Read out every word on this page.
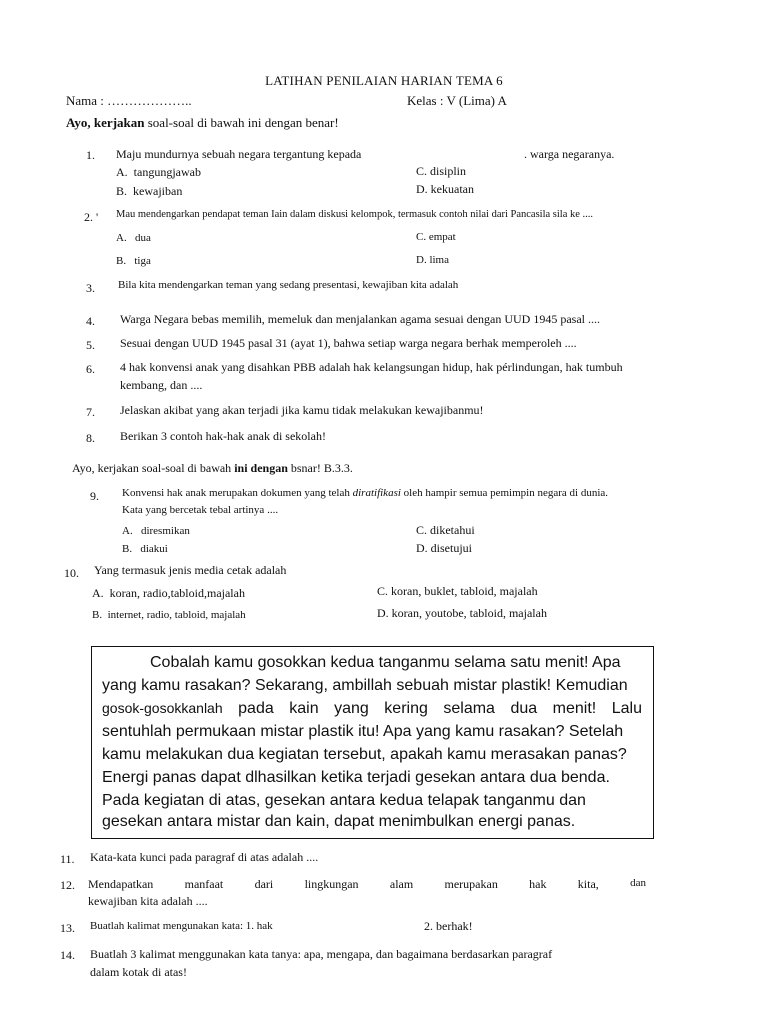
LATIHAN PENILAIAN HARIAN TEMA 6
Nama : ………………..	Kelas : V (Lima) A
Ayo, kerjakan soal-soal di bawah ini dengan benar!
1. Maju mundurnya sebuah negara tergantung kepada	. warga negaranya.
A. tangungjawab
B. kewajiban
C. disiplin
D. kekuatan
2. ' Mau mendengarkan pendapat teman Iain dalam diskusi kelompok, termasuk contoh nilai dari Pancasila sila ke ....
A. dua
B. tiga
C. empat
D. lima
3. Bila kita mendengarkan teman yang sedang presentasi, kewajiban kita adalah
4. Warga Negara bebas memilih, memeluk dan menjalankan agama sesuai dengan UUD 1945 pasal ....
5. Sesuai dengan UUD 1945 pasal 31 (ayat 1), bahwa setiap warga negara berhak memperoleh ....
6. 4 hak konvensi anak yang disahkan PBB adalah hak kelangsungan hidup, hak pérlindungan, hak tumbuh
kembang, dan ....
7. Jelaskan akibat yang akan terjadi jika kamu tidak melakukan kewajibanmu!
8. Berikan 3 contoh hak-hak anak di sekolah!
Ayo, kerjakan soal-soal di bawah ini dengan bsnar! B.3.3.
9. Konvensi hak anak merupakan dokumen yang telah diratifikasi oleh hampir semua pemimpin negara di dunia.
Kata yang bercetak tebal artinya ....
A. diresmikan
B. diakui
C. diketahui
D. disetujui
10. Yang termasuk jenis media cetak adalah
A. koran, radio,tabloid,majalah
B. internet, radio, tabloid, majalah
C. koran, buklet, tabloid, majalah
D. koran, youtobe, tabloid, majalah
Cobalah kamu gosokkan kedua tanganmu selama satu menit! Apa
yang kamu rasakan? Sekarang, ambillah sebuah mistar plastik! Kemudian
gosok-gosokkanlah pada kain yang kering selama dua menit! Lalu
sentuhlah permukaan mistar plastik itu! Apa yang kamu rasakan? Setelah
kamu melakukan dua kegiatan tersebut, apakah kamu merasakan panas?
Energi panas dapat dlhasilkan ketika terjadi gesekan antara dua benda.
Pada kegiatan di atas, gesekan antara kedua telapak tanganmu dan
gesekan antara mistar dan kain, dapat menimbulkan energi panas.
11. Kata-kata kunci pada paragraf di atas adalah ....
12. Mendapatkan	manfaat	dari	lingkungan	alam	merupakan	hak	kita,	dan
kewajiban kita adalah ....
13. Buatlah kalimat mengunakan kata: 1. hak	2. berhak!
14. Buatlah 3 kalimat menggunakan kata tanya: apa, mengapa, dan bagaimana berdasarkan paragraf
dalam kotak di atas!
